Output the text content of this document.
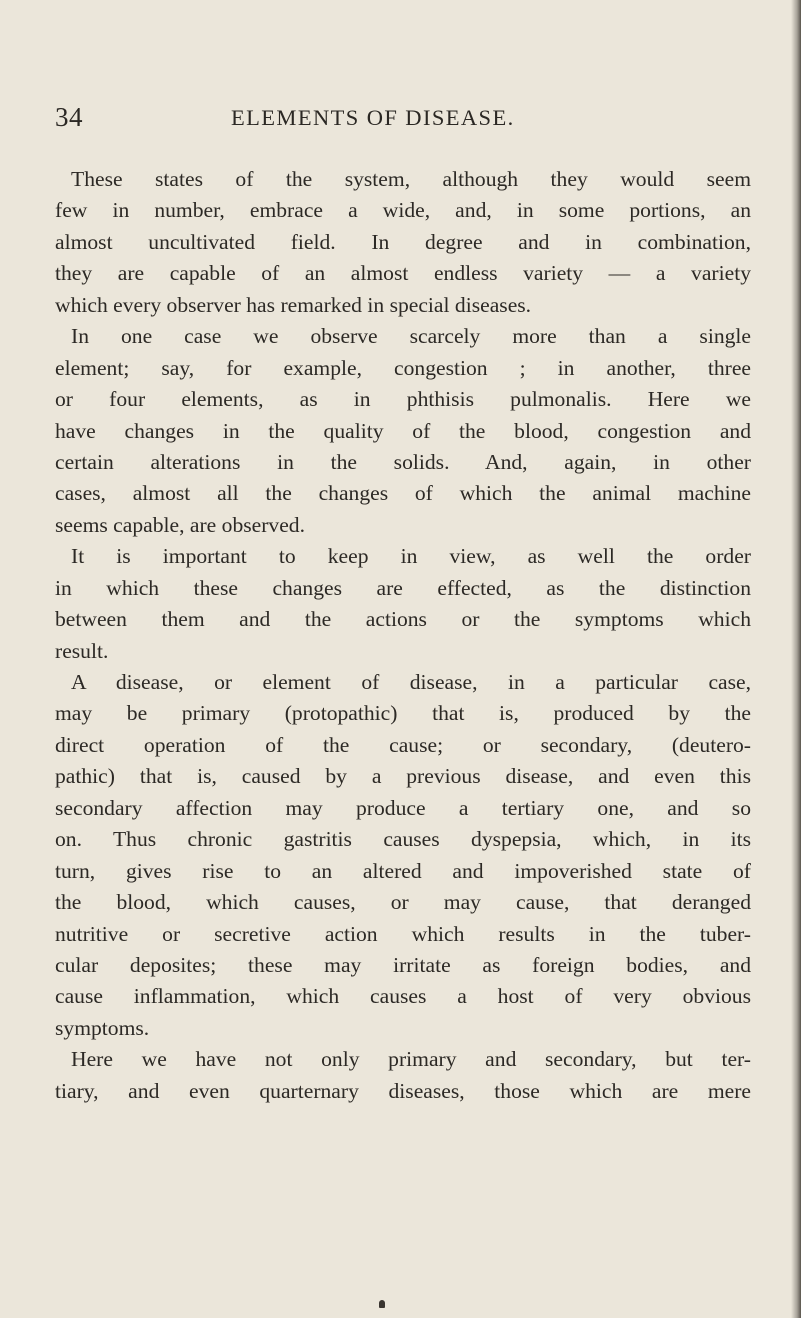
34	ELEMENTS OF DISEASE.
These states of the system, although they would seem
few in number, embrace a wide, and, in some portions, an
almost uncultivated field. In degree and in combination,
they are capable of an almost endless variety — a variety
which every observer has remarked in special diseases.
In one case we observe scarcely more than a single
element; say, for example, congestion ; in another, three
or four elements, as in phthisis pulmonalis. Here we
have changes in the quality of the blood, congestion and
certain alterations in the solids. And, again, in other
cases, almost all the changes of which the animal machine
seems capable, are observed.
It is important to keep in view, as well the order
in which these changes are effected, as the distinction
between them and the actions or the symptoms which
result.
A disease, or element of disease, in a particular case,
may be primary (protopathic) that is, produced by the
direct operation of the cause; or secondary, (deutero-
pathic) that is, caused by a previous disease, and even this
secondary affection may produce a tertiary one, and so
on. Thus chronic gastritis causes dyspepsia, which, in its
turn, gives rise to an altered and impoverished state of
the blood, which causes, or may cause, that deranged
nutritive or secretive action which results in the tuber-
cular deposites; these may irritate as foreign bodies, and
cause inflammation, which causes a host of very obvious
symptoms.
Here we have not only primary and secondary, but ter-
tiary, and even quarternary diseases, those which are mere
